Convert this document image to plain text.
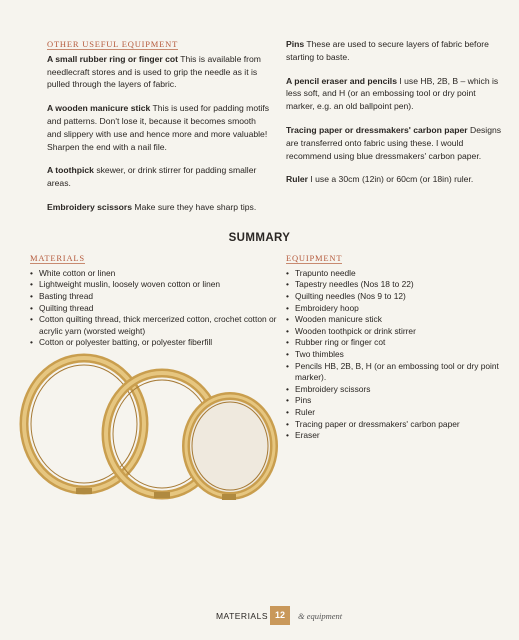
OTHER USEFUL EQUIPMENT

A small rubber ring or finger cot This is available from needlecraft stores and is used to grip the needle as it is pulled through the layers of fabric.

A wooden manicure stick This is used for padding motifs and patterns. Don't lose it, because it becomes smooth and slippery with use and hence more and more valuable! Sharpen the end with a nail file.

A toothpick skewer, or drink stirrer for padding smaller areas.

Embroidery scissors Make sure they have sharp tips.

Pins These are used to secure layers of fabric before starting to baste.

A pencil eraser and pencils I use HB, 2B, B – which is less soft, and H (or an embossing tool or dry point marker, e.g. an old ballpoint pen).

Tracing paper or dressmakers' carbon paper Designs are transferred onto fabric using these. I would recommend using blue dressmakers' carbon paper.

Ruler I use a 30cm (12in) or 60cm (or 18in) ruler.

SUMMARY
MATERIALS
• White cotton or linen
• Lightweight muslin, loosely woven cotton or linen
• Basting thread
• Quilting thread
• Cotton quilting thread, thick mercerized cotton, crochet cotton or acrylic yarn (worsted weight)
• Cotton or polyester batting, or polyester fiberfill
EQUIPMENT
• Trapunto needle
• Tapestry needles (Nos 18 to 22)
• Quilting needles (Nos 9 to 12)
• Embroidery hoop
• Wooden manicure stick
• Wooden toothpick or drink stirrer
• Rubber ring or finger cot
• Two thimbles
• Pencils HB, 2B, B, H (or an embossing tool or dry point marker).
• Embroidery scissors
• Pins
• Ruler
• Tracing paper or dressmakers' carbon paper
• Eraser
MATERIALS 12	& equipment
